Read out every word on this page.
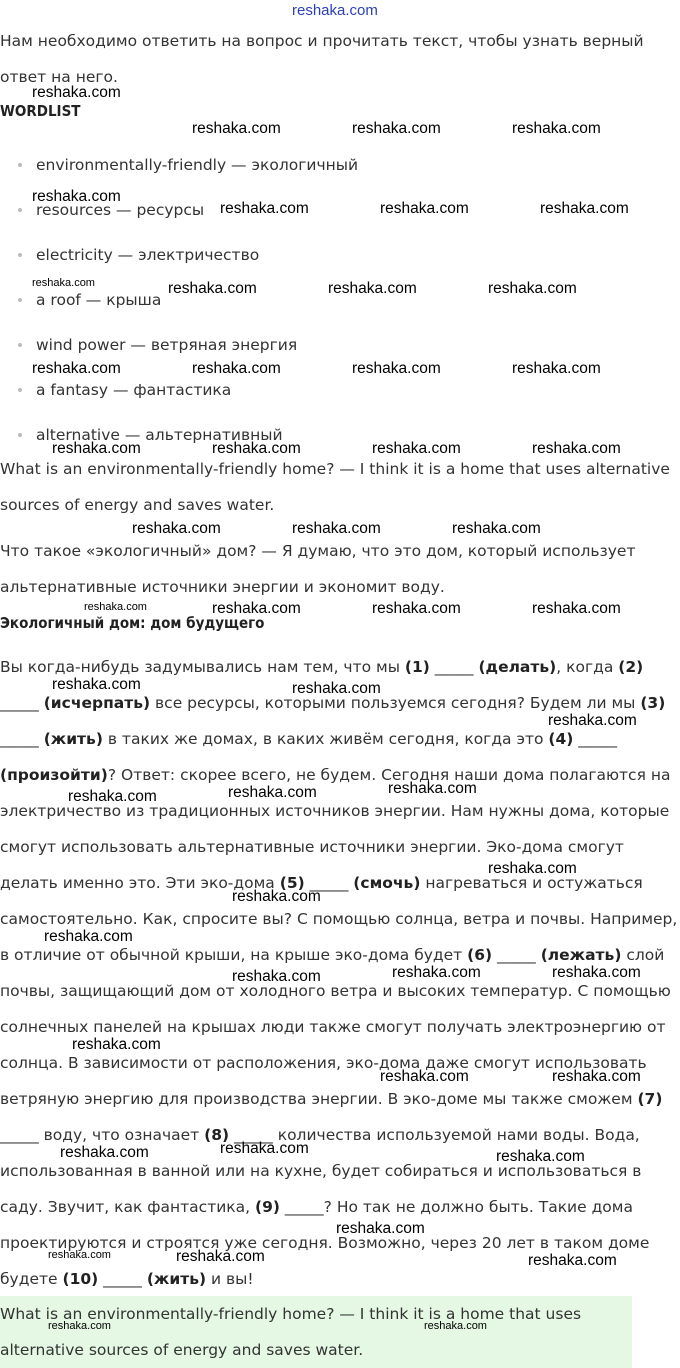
reshaka.com

Нам необходимо ответить на вопрос и прочитать текст, чтобы узнать верный ответ на него.

WORDLIST
environmentally-friendly — экологичный
resources — ресурсы
electricity — электричество
a roof — крыша
wind power — ветряная энергия
a fantasy — фантастика
alternative — альтернативный

What is an environmentally-friendly home? — I think it is a home that uses alternative sources of energy and saves water.

Что такое «экологичный» дом? — Я думаю, что это дом, который использует альтернативные источники энергии и экономит воду.

Экологичный дом: дом будущего

Вы когда-нибудь задумывались нам тем, что мы (1) _____ (делать), когда (2) _____ (исчерпать) все ресурсы, которыми пользуемся сегодня? Будем ли мы (3) _____ (жить) в таких же домах, в каких живём сегодня, когда это (4) _____ (произойти)? Ответ: скорее всего, не будем. Сегодня наши дома полагаются на электричество из традиционных источников энергии. Нам нужны дома, которые смогут использовать альтернативные источники энергии. Эко-дома смогут делать именно это. Эти эко-дома (5) _____ (смочь) нагреваться и остужаться самостоятельно. Как, спросите вы? С помощью солнца, ветра и почвы. Например, в отличие от обычной крыши, на крыше эко-дома будет (6) _____ (лежать) слой почвы, защищающий дом от холодного ветра и высоких температур. С помощью солнечных панелей на крышах люди также смогут получать электроэнергию от солнца. В зависимости от расположения, эко-дома даже смогут использовать ветряную энергию для производства энергии. В эко-доме мы также сможем (7) _____ воду, что означает (8) _____ количества используемой нами воды. Вода, использованная в ванной или на кухне, будет собираться и использоваться в саду. Звучит, как фантастика, (9) _____? Но так не должно быть. Такие дома проектируются и строятся уже сегодня. Возможно, через 20 лет в таком доме будете (10) _____ (жить) и вы!

What is an environmentally-friendly home? — I think it is a home that uses alternative sources of energy and saves water.

reshaka.com
reshaka.com	reshaka.com	reshaka.com
reshaka.com
reshaka.com	reshaka.com	reshaka.com
reshaka.com	reshaka.com	reshaka.com	reshaka.com
reshaka.com	reshaka.com	reshaka.com	reshaka.com
reshaka.com	reshaka.com	reshaka.com	reshaka.com
reshaka.com	reshaka.com	reshaka.com
reshaka.com	reshaka.com	reshaka.com	reshaka.com
reshaka.com	reshaka.com
reshaka.com
reshaka.com	reshaka.com	reshaka.com
reshaka.com
reshaka.com
reshaka.com
reshaka.com	reshaka.com	reshaka.com
reshaka.com
reshaka.com	reshaka.com
reshaka.com	reshaka.com	reshaka.com
reshaka.com
reshaka.com	reshaka.com	reshaka.com
reshaka.com	reshaka.com
